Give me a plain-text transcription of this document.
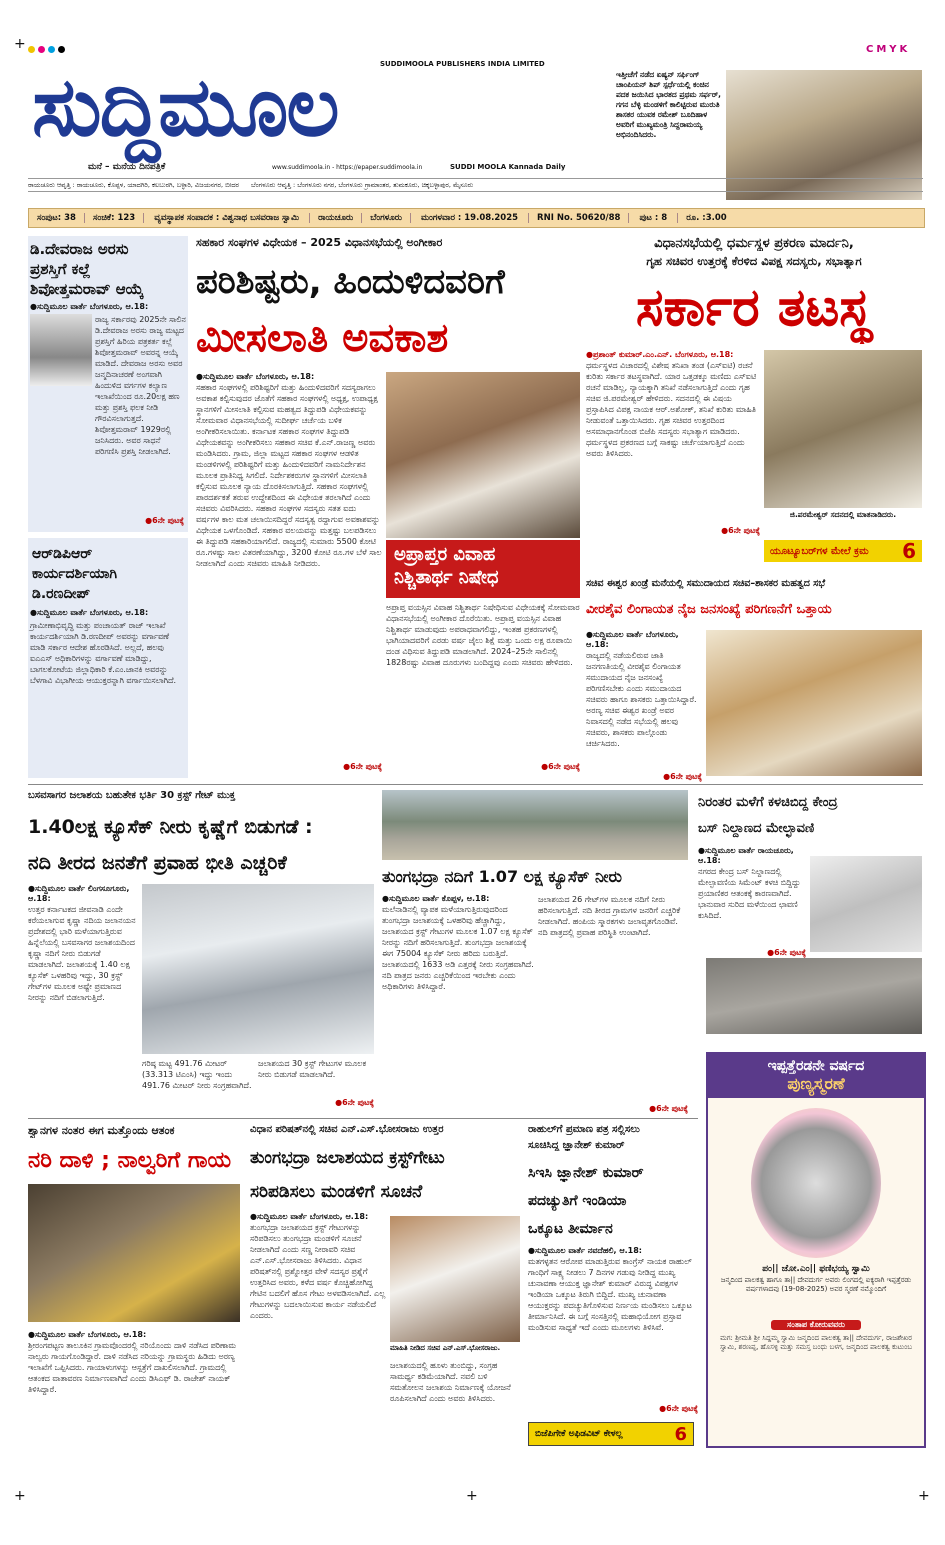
CMYK
+
+	+
+
ಸುದ್ದಿಮೂಲ	SUDDIMOOLA PUBLISHERS INDIA LIMITED
ಮನೆ – ಮನೆಯ ದಿನಪತ್ರಿಕೆ	www.suddimoola.in - https://epaper.suddimoola.in	SUDDI MOOLA Kannada Daily
ಇತ್ತೀಚೆಗೆ ನಡೆದ ಏಷ್ಯನ್ ಸರ್ಫಿಂಗ್ ಚಾಂಪಿಯನ್ ಶಿಪ್ ಸ್ಪರ್ಧೆಯಲ್ಲಿ ಕಂಚಿನ ಪದಕ ಜಯಿಸಿದ ಭಾರತದ ಪ್ರಥಮ ಸರ್ಫರ್, ಗಗನ ಬೆಳ್ಳಿ ಮಂಡಳಿಗೆ ಕಾಲಿಟ್ಟಿರುವ ಮುರುತಿ ಶಾಸಕರ ಯುವಕ ರಮೇಶ್ ಬೂದಿಹಾಳ ಅವರಿಗೆ ಮುಖ್ಯಮಂತ್ರಿ ಸಿದ್ದರಾಮಯ್ಯ ಅಭಿನಂದಿಸಿದರು.
ರಾಯಚೂರು ಆವೃತ್ತಿ : ರಾಯಚೂರು, ಕೊಪ್ಪಳ, ಯಾದಗಿರಿ, ಕಲಬುರಗಿ, ಬಳ್ಳಾರಿ, ವಿಜಯನಗರ, ಬೀದರ ಬೆಂಗಳೂರು ಆವೃತ್ತಿ : ಬೆಂಗಳೂರು ನಗರ, ಬೆಂಗಳೂರು ಗ್ರಾಮಾಂತರ, ತುಮಕೂರು, ಚಿಕ್ಕಬಳ್ಳಾಪುರ, ಮೈಸೂರು
ಸಂಪುಟ: 38	ಸಂಚಿಕೆ: 123	ವ್ಯವಸ್ಥಾಪಕ ಸಂಪಾದಕ : ವಿಶ್ವನಾಥ ಬಸವರಾಜ ಸ್ವಾಮಿ	ರಾಯಚೂರು	ಬೆಂಗಳೂರು	ಮಂಗಳವಾರ : 19.08.2025	RNI No. 50620/88	ಪುಟ : 8	ರೂ. :3.00
ಡಿ.ದೇವರಾಜ ಅರಸು
ಪ್ರಶಸ್ತಿಗೆ ಕಲ್ಲೆ
ಶಿವೋತ್ತಮರಾವ್ ಆಯ್ಕೆ
●ಸುದ್ದಿಮೂಲ ವಾರ್ತೆ ಬೆಂಗಳೂರು, ಆ.18:
ರಾಜ್ಯ ಸರ್ಕಾರವು 2025ನೇ ಸಾಲಿನ ಡಿ.ದೇವರಾಜ ಅರಸು ರಾಜ್ಯ ಮಟ್ಟದ ಪ್ರಶಸ್ತಿಗೆ ಹಿರಿಯ ಪತ್ರಕರ್ತ ಕಲ್ಲೆ ಶಿವೋತ್ತಮರಾವ್ ಅವರನ್ನ ಆಯ್ಕೆ ಮಾಡಿದೆ. ದೇವರಾಜ ಅರಸು ಅವರ ಜನ್ಮದಿನಾಚರಣೆ ಅಂಗವಾಗಿ ಹಿಂದುಳಿದ ವರ್ಗಗಳ ಕಲ್ಯಾಣ ಇಲಾಖೆಯಿಂದ ರೂ.20ಲಕ್ಷ ಹಣ ಮತ್ತು ಪ್ರಶಸ್ತಿ ಫಲಕ ನೀಡಿ ಗೌರವಿಸಲಾಗುತ್ತದೆ. ಶಿವೋತ್ತಮರಾವ್ 1929ರಲ್ಲಿ ಜನಿಸಿದರು. ಅವರ ಸಾಧನೆ ಪರಿಗಣಿಸಿ ಪ್ರಶಸ್ತಿ ನೀಡಲಾಗಿದೆ.
●6ನೇ ಪುಟಕ್ಕೆ
ಆರ್‌ಡಿಪಿಆರ್
ಕಾರ್ಯದರ್ಶಿಯಾಗಿ
ಡಿ.ರಣದೀಪ್
●ಸುದ್ದಿಮೂಲ ವಾರ್ತೆ ಬೆಂಗಳೂರು, ಆ.18:
ಗ್ರಾಮೀಣಾಭಿವೃದ್ಧಿ ಮತ್ತು ಪಂಚಾಯತ್ ರಾಜ್ ಇಲಾಖೆ ಕಾರ್ಯದರ್ಶಿಯಾಗಿ ಡಿ.ರಣದೀಪ್ ಅವರನ್ನು ವರ್ಗಾವಣೆ ಮಾಡಿ ಸರ್ಕಾರ ಆದೇಶ ಹೊರಡಿಸಿದೆ. ಅಲ್ಲದೆ, ಹಲವು ಐಎಎಸ್ ಅಧಿಕಾರಿಗಳನ್ನು ವರ್ಗಾವಣೆ ಮಾಡಿದ್ದು, ಬಾಗಲಕೋಟೆಯ ಜಿಲ್ಲಾಧಿಕಾರಿ ಕೆ.ಎಂ.ಜಾನಕಿ ಅವರನ್ನು ಬೆಳಗಾವಿ ವಿಭಾಗೀಯ ಆಯುಕ್ತರನ್ನಾಗಿ ವರ್ಗಾಯಿಸಲಾಗಿದೆ.
ಸಹಕಾರ ಸಂಘಗಳ ವಿಧೇಯಕ – 2025 ವಿಧಾನಸಭೆಯಲ್ಲಿ ಅಂಗೀಕಾರ
ಪರಿಶಿಷ್ಟರು, ಹಿಂದುಳಿದವರಿಗೆ
ಮೀಸಲಾತಿ ಅವಕಾಶ
●ಸುದ್ದಿಮೂಲ ವಾರ್ತೆ ಬೆಂಗಳೂರು, ಆ.18:
ಸಹಕಾರ ಸಂಘಗಳಲ್ಲಿ ಪರಿಶಿಷ್ಟರಿಗೆ ಮತ್ತು ಹಿಂದುಳಿದವರಿಗೆ ಸದಸ್ಯರಾಗಲು ಅವಕಾಶ ಕಲ್ಪಿಸುವುದರ ಜೊತೆಗೆ ಸಹಕಾರ ಸಂಘಗಳಲ್ಲಿ ಅಧ್ಯಕ್ಷ, ಉಪಾಧ್ಯಕ್ಷ ಸ್ಥಾನಗಳಿಗೆ ಮೀಸಲಾತಿ ಕಲ್ಪಿಸುವ ಮಹತ್ವದ ತಿದ್ದುಪಡಿ ವಿಧೇಯಕವನ್ನು ಸೋಮವಾರ ವಿಧಾನಸಭೆಯಲ್ಲಿ ಸುದೀರ್ಘ ಚರ್ಚೆಯ ಬಳಿಕ ಅಂಗೀಕರಿಸಲಾಯಿತು. ಕರ್ನಾಟಕ ಸಹಕಾರ ಸಂಘಗಳ ತಿದ್ದುಪಡಿ ವಿಧೇಯಕವನ್ನು ಅಂಗೀಕರಿಸಲು ಸಹಕಾರ ಸಚಿವ ಕೆ.ಎನ್.ರಾಜಣ್ಣ ಅವರು ಮಂಡಿಸಿದರು. ಗ್ರಾಮ, ಜಿಲ್ಲಾ ಮಟ್ಟದ ಸಹಕಾರ ಸಂಘಗಳ ಆಡಳಿತ ಮಂಡಳಿಗಳಲ್ಲಿ ಪರಿಶಿಷ್ಟರಿಗೆ ಮತ್ತು ಹಿಂದುಳಿದವರಿಗೆ ನಾಮನಿರ್ದೇಶನ ಮೂಲಕ ಪ್ರಾತಿನಿಧ್ಯ ಸಿಗಲಿದೆ. ನಿರ್ದೇಶಕರುಗಳ ಸ್ಥಾನಗಳಿಗೆ ಮೀಸಲಾತಿ ಕಲ್ಪಿಸುವ ಮೂಲಕ ನ್ಯಾಯ ದೊರಕಿಸಲಾಗುತ್ತಿದೆ. ಸಹಕಾರ ಸಂಘಗಳಲ್ಲಿ ಪಾರದರ್ಶಕತೆ ತರುವ ಉದ್ದೇಶದಿಂದ ಈ ವಿಧೇಯಕ ತರಲಾಗಿದೆ ಎಂದು ಸಚಿವರು ವಿವರಿಸಿದರು. ಸಹಕಾರ ಸಂಘಗಳ ಸದಸ್ಯರು ಸತತ ಐದು ವರ್ಷಗಳ ಕಾಲ ಮತ ಚಲಾಯಿಸದಿದ್ದರೆ ಸದಸ್ಯತ್ವ ರದ್ದಾಗುವ ಅವಕಾಶವನ್ನು ವಿಧೇಯಕ ಒಳಗೊಂಡಿದೆ. ಸಹಕಾರ ವಲಯವನ್ನು ಮತ್ತಷ್ಟು ಬಲಪಡಿಸಲು ಈ ತಿದ್ದುಪಡಿ ಸಹಕಾರಿಯಾಗಲಿದೆ. ರಾಜ್ಯದಲ್ಲಿ ಸುಮಾರು 5500 ಕೋಟಿ ರೂ.ಗಳಷ್ಟು ಸಾಲ ವಿತರಣೆಯಾಗಿದ್ದು, 3200 ಕೋಟಿ ರೂ.ಗಳ ಬೆಳೆ ಸಾಲ ನೀಡಲಾಗಿದೆ ಎಂದು ಸಚಿವರು ಮಾಹಿತಿ ನೀಡಿದರು.
●6ನೇ ಪುಟಕ್ಕೆ
ಅಪ್ರಾಪ್ತರ ವಿವಾಹ
ನಿಶ್ಚಿತಾರ್ಥ ನಿಷೇಧ
ಅಪ್ರಾಪ್ತ ವಯಸ್ಸಿನ ವಿವಾಹ ನಿಶ್ಚಿತಾರ್ಥ ನಿಷೇಧಿಸುವ ವಿಧೇಯಕಕ್ಕೆ ಸೋಮವಾರ ವಿಧಾನಸಭೆಯಲ್ಲಿ ಅಂಗೀಕಾರ ದೊರೆಯಿತು. ಅಪ್ರಾಪ್ತ ವಯಸ್ಸಿನ ವಿವಾಹ ನಿಶ್ಚಿತಾರ್ಥ ಮಾಡುವುದು ಅಪರಾಧವಾಗಲಿದ್ದು, ಇಂತಹ ಪ್ರಕರಣಗಳಲ್ಲಿ ಭಾಗಿಯಾದವರಿಗೆ ಎರಡು ವರ್ಷ ಜೈಲು ಶಿಕ್ಷೆ ಮತ್ತು ಒಂದು ಲಕ್ಷ ರೂಪಾಯಿ ದಂಡ ವಿಧಿಸುವ ತಿದ್ದುಪಡಿ ಮಾಡಲಾಗಿದೆ. 2024–25ನೇ ಸಾಲಿನಲ್ಲಿ 1828ರಷ್ಟು ವಿವಾಹ ದೂರುಗಳು ಬಂದಿದ್ದವು ಎಂದು ಸಚಿವರು ಹೇಳಿದರು.
●6ನೇ ಪುಟಕ್ಕೆ
ವಿಧಾನಸಭೆಯಲ್ಲಿ ಧರ್ಮಸ್ಥಳ ಪ್ರಕರಣ ಮಾರ್ದನಿ,
ಗೃಹ ಸಚಿವರ ಉತ್ತರಕ್ಕೆ ಕೆರಳಿದ ವಿಪಕ್ಷ ಸದಸ್ಯರು, ಸಭಾತ್ಯಾಗ
ಸರ್ಕಾರ ತಟಸ್ಥ
●ಪ್ರಶಾಂತ್ ಕುಮಾರ್.ಎಂ.ಎನ್. ಬೆಂಗಳೂರು, ಆ.18:
ಧರ್ಮಸ್ಥಳದ ವಿಚಾರದಲ್ಲಿ ವಿಶೇಷ ತನಿಖಾ ತಂಡ (ಎಸ್‌ಐಟಿ) ರಚನೆ ಕುರಿತು ಸರ್ಕಾರ ತಟಸ್ಥವಾಗಿದೆ. ಯಾರ ಒತ್ತಡಕ್ಕೂ ಮಣಿದು ಎಸ್‌ಐಟಿ ರಚನೆ ಮಾಡಿಲ್ಲ, ನ್ಯಾಯಕ್ಕಾಗಿ ತನಿಖೆ ನಡೆಸಲಾಗುತ್ತಿದೆ ಎಂದು ಗೃಹ ಸಚಿವ ಜಿ.ಪರಮೇಶ್ವರ್ ಹೇಳಿದರು. ಸದನದಲ್ಲಿ ಈ ವಿಷಯ ಪ್ರಸ್ತಾಪಿಸಿದ ವಿಪಕ್ಷ ನಾಯಕ ಆರ್.ಅಶೋಕ್, ತನಿಖೆ ಕುರಿತು ಮಾಹಿತಿ ನೀಡುವಂತೆ ಒತ್ತಾಯಿಸಿದರು. ಗೃಹ ಸಚಿವರ ಉತ್ತರದಿಂದ ಅಸಮಾಧಾನಗೊಂಡ ಬಿಜೆಪಿ ಸದಸ್ಯರು ಸಭಾತ್ಯಾಗ ಮಾಡಿದರು. ಧರ್ಮಸ್ಥಳದ ಪ್ರಕರಣದ ಬಗ್ಗೆ ಸಾಕಷ್ಟು ಚರ್ಚೆಯಾಗುತ್ತಿದೆ ಎಂದು ಅವರು ತಿಳಿಸಿದರು.
ಜಿ.ಪರಮೇಶ್ವರ್ ಸದನದಲ್ಲಿ ಮಾತನಾಡಿದರು.
●6ನೇ ಪುಟಕ್ಕೆ
ಯೂಟ್ಯೂಬರ್‌ಗಳ ಮೇಲೆ ಕ್ರಮ 6
ಸಚಿವ ಈಶ್ವರ ಖಂಡ್ರೆ ಮನೆಯಲ್ಲಿ ಸಮುದಾಯದ ಸಚಿವ–ಶಾಸಕರ ಮಹತ್ವದ ಸಭೆ
ವೀರಶೈವ ಲಿಂಗಾಯತ ನೈಜ ಜನಸಂಖ್ಯೆ ಪರಿಗಣನೆಗೆ ಒತ್ತಾಯ
●ಸುದ್ದಿಮೂಲ ವಾರ್ತೆ ಬೆಂಗಳೂರು, ಆ.18:
ರಾಜ್ಯದಲ್ಲಿ ನಡೆಯಲಿರುವ ಜಾತಿ ಜನಗಣತಿಯಲ್ಲಿ ವೀರಶೈವ ಲಿಂಗಾಯತ ಸಮುದಾಯದ ನೈಜ ಜನಸಂಖ್ಯೆ ಪರಿಗಣಿಸಬೇಕು ಎಂದು ಸಮುದಾಯದ ಸಚಿವರು ಹಾಗೂ ಶಾಸಕರು ಒತ್ತಾಯಿಸಿದ್ದಾರೆ. ಅರಣ್ಯ ಸಚಿವ ಈಶ್ವರ ಖಂಡ್ರೆ ಅವರ ನಿವಾಸದಲ್ಲಿ ನಡೆದ ಸಭೆಯಲ್ಲಿ ಹಲವು ಸಚಿವರು, ಶಾಸಕರು ಪಾಲ್ಗೊಂಡು ಚರ್ಚಿಸಿದರು.
●6ನೇ ಪುಟಕ್ಕೆ
ಬಸವಸಾಗರ ಜಲಾಶಯ ಬಹುತೇಕ ಭರ್ತಿ 30 ಕ್ರಸ್ಟ್ ಗೇಟ್ ಮುಕ್ತ
1.40ಲಕ್ಷ ಕ್ಯೂಸೆಕ್ ನೀರು ಕೃಷ್ಣೆಗೆ ಬಿಡುಗಡೆ :
ನದಿ ತೀರದ ಜನತೆಗೆ ಪ್ರವಾಹ ಭೀತಿ ಎಚ್ಚರಿಕೆ
●ಸುದ್ದಿಮೂಲ ವಾರ್ತೆ ಲಿಂಗಸೂಗೂರು, ಆ.18:
ಉತ್ತರ ಕರ್ನಾಟಕದ ಜೀವನಾಡಿ ಎಂದೇ ಕರೆಯಲಾಗುವ ಕೃಷ್ಣಾ ನದಿಯ ಜಲಾನಯನ ಪ್ರದೇಶದಲ್ಲಿ ಭಾರಿ ಮಳೆಯಾಗುತ್ತಿರುವ ಹಿನ್ನೆಲೆಯಲ್ಲಿ ಬಸವಸಾಗರ ಜಲಾಶಯದಿಂದ ಕೃಷ್ಣಾ ನದಿಗೆ ನೀರು ಬಿಡುಗಡೆ ಮಾಡಲಾಗಿದೆ. ಜಲಾಶಯಕ್ಕೆ 1.40 ಲಕ್ಷ ಕ್ಯೂಸೆಕ್ ಒಳಹರಿವು ಇದ್ದು, 30 ಕ್ರಸ್ಟ್ ಗೇಟ್‌ಗಳ ಮೂಲಕ ಅಷ್ಟೇ ಪ್ರಮಾಣದ ನೀರನ್ನು ನದಿಗೆ ಬಿಡಲಾಗುತ್ತಿದೆ.
ಗರಿಷ್ಠ ಮಟ್ಟ 491.76 ಮೀಟರ್ (33.313 ಟಿಎಂಸಿ) ಇದ್ದು ಇಂದು 491.76 ಮೀಟರ್ ನೀರು ಸಂಗ್ರಹವಾಗಿದೆ.
ಜಲಾಶಯದ 30 ಕ್ರಸ್ಟ್ ಗೇಟುಗಳ ಮೂಲಕ ನೀರು ಬಿಡುಗಡೆ ಮಾಡಲಾಗಿದೆ.
●6ನೇ ಪುಟಕ್ಕೆ
ತುಂಗಭದ್ರಾ ನದಿಗೆ 1.07 ಲಕ್ಷ ಕ್ಯೂಸೆಕ್ ನೀರು
●ಸುದ್ದಿಮೂಲ ವಾರ್ತೆ ಕೊಪ್ಪಳ, ಆ.18:
ಮಲೆನಾಡಿನಲ್ಲಿ ವ್ಯಾಪಕ ಮಳೆಯಾಗುತ್ತಿರುವುದರಿಂದ ತುಂಗಭದ್ರಾ ಜಲಾಶಯಕ್ಕೆ ಒಳಹರಿವು ಹೆಚ್ಚಾಗಿದ್ದು, ಜಲಾಶಯದ ಕ್ರಸ್ಟ್ ಗೇಟುಗಳ ಮೂಲಕ 1.07 ಲಕ್ಷ ಕ್ಯೂಸೆಕ್ ನೀರನ್ನು ನದಿಗೆ ಹರಿಸಲಾಗುತ್ತಿದೆ. ತುಂಗಭದ್ರಾ ಜಲಾಶಯಕ್ಕೆ ಈಗ 75004 ಕ್ಯೂಸೆಕ್ ನೀರು ಹರಿದು ಬರುತ್ತಿದೆ. ಜಲಾಶಯದಲ್ಲಿ 1633 ಅಡಿ ಎತ್ತರಕ್ಕೆ ನೀರು ಸಂಗ್ರಹವಾಗಿದೆ. ನದಿ ಪಾತ್ರದ ಜನರು ಎಚ್ಚರಿಕೆಯಿಂದ ಇರಬೇಕು ಎಂದು ಅಧಿಕಾರಿಗಳು ತಿಳಿಸಿದ್ದಾರೆ.
ಜಲಾಶಯದ 26 ಗೇಟ್‌ಗಳ ಮೂಲಕ ನದಿಗೆ ನೀರು ಹರಿಸಲಾಗುತ್ತಿದೆ. ನದಿ ತೀರದ ಗ್ರಾಮಗಳ ಜನರಿಗೆ ಎಚ್ಚರಿಕೆ ನೀಡಲಾಗಿದೆ. ಹಂಪಿಯ ಸ್ಮಾರಕಗಳು ಜಲಾವೃತಗೊಂಡಿವೆ. ನದಿ ಪಾತ್ರದಲ್ಲಿ ಪ್ರವಾಹ ಪರಿಸ್ಥಿತಿ ಉಂಟಾಗಿದೆ.
●6ನೇ ಪುಟಕ್ಕೆ
ನಿರಂತರ ಮಳೆಗೆ ಕಳಚಿಬಿದ್ದ ಕೇಂದ್ರ
ಬಸ್ ನಿಲ್ದಾಣದ ಮೇಲ್ಛಾವಣಿ
●ಸುದ್ದಿಮೂಲ ವಾರ್ತೆ ರಾಯಚೂರು, ಆ.18:
ನಗರದ ಕೇಂದ್ರ ಬಸ್ ನಿಲ್ದಾಣದಲ್ಲಿ ಮೇಲ್ಛಾವಣಿಯ ಸಿಮೆಂಟ್ ಕಳಚಿ ಬಿದ್ದಿದ್ದು ಪ್ರಯಾಣಿಕರ ಆತಂಕಕ್ಕೆ ಕಾರಣವಾಗಿದೆ. ಭಾನುವಾರ ಸುರಿದ ಮಳೆಯಿಂದ ಛಾವಣಿ ಕುಸಿದಿದೆ.
●6ನೇ ಪುಟಕ್ಕೆ
ಇಪ್ಪತ್ತೆರಡನೇ ವರ್ಷದ
ಪುಣ್ಯಸ್ಮರಣೆ
ಪಂ|| ಜೋ.ಎಂ|| ಫಣಿಭಯ್ಯ ಸ್ವಾಮಿ
ಜನ್ಮದಿಂದ ಪಾಲಕತ್ವ ಹಾಗೂ ತಾ|| ದೇವದುರ್ಗ ಅವರು ಲಿಂಗದಲ್ಲಿ ಐಕ್ಯರಾಗಿ ಇಪ್ಪತ್ತೆರಡು ವರ್ಷಗಳಾದವು (19-08-2025) ಅವರ ಸ್ಮರಣೆ ನಮ್ಮೊಂದಿಗೆ
ಸಂತಾಪ ಕೋರುವವರು
ಮಗ: ಶ್ರೀಮತಿ ಶ್ರೀ ಸಿದ್ದಮ್ಮ ಸ್ವಾಮಿ ಜನ್ಮದಿಂದ ಪಾಲಕತ್ವ ತಾ|| ದೇವದುರ್ಗ, ರಾಜಶೇಖರ ಸ್ವಾಮಿ, ಶರಣಪ್ಪ, ಹೊಸಳ್ಳಿ ಮತ್ತು ಸಮಸ್ತ ಬಂಧು ಬಳಗ, ಜನ್ಮದಿಂದ ಪಾಲಕತ್ವ ಕುಟುಂಬ
ಶ್ವಾನಗಳ ನಂತರ ಈಗ ಮತ್ತೊಂದು ಆತಂಕ
ನರಿ ದಾಳಿ ; ನಾಲ್ವರಿಗೆ ಗಾಯ
●ಸುದ್ದಿಮೂಲ ವಾರ್ತೆ ಬೆಂಗಳೂರು, ಆ.18:
ಶ್ರೀರಂಗಪಟ್ಟಣ ತಾಲೂಕಿನ ಗ್ರಾಮವೊಂದರಲ್ಲಿ ನರಿಯೊಂದು ದಾಳಿ ನಡೆಸಿದ ಪರಿಣಾಮ ನಾಲ್ವರು ಗಾಯಗೊಂಡಿದ್ದಾರೆ. ದಾಳಿ ನಡೆಸಿದ ನರಿಯನ್ನು ಗ್ರಾಮಸ್ಥರು ಹಿಡಿದು ಅರಣ್ಯ ಇಲಾಖೆಗೆ ಒಪ್ಪಿಸಿದರು. ಗಾಯಾಳುಗಳನ್ನು ಆಸ್ಪತ್ರೆಗೆ ದಾಖಲಿಸಲಾಗಿದೆ. ಗ್ರಾಮದಲ್ಲಿ ಆತಂಕದ ವಾತಾವರಣ ನಿರ್ಮಾಣವಾಗಿದೆ ಎಂದು ಡಿಸಿಎಫ್ ಡಿ. ರಾಜೇಶ್ ನಾಯಕ್ ತಿಳಿಸಿದ್ದಾರೆ.
ವಿಧಾನ ಪರಿಷತ್‌ನಲ್ಲಿ ಸಚಿವ ಎನ್.ಎಸ್.ಭೋಸರಾಜು ಉತ್ತರ
ತುಂಗಭದ್ರಾ ಜಲಾಶಯದ ಕ್ರಸ್ಟ್‌ಗೇಟು
ಸರಿಪಡಿಸಲು ಮಂಡಳಿಗೆ ಸೂಚನೆ
●ಸುದ್ದಿಮೂಲ ವಾರ್ತೆ ಬೆಂಗಳೂರು, ಆ.18:
ತುಂಗಭದ್ರಾ ಜಲಾಶಯದ ಕ್ರಸ್ಟ್ ಗೇಟುಗಳನ್ನು ಸರಿಪಡಿಸಲು ತುಂಗಭದ್ರಾ ಮಂಡಳಿಗೆ ಸೂಚನೆ ನೀಡಲಾಗಿದೆ ಎಂದು ಸಣ್ಣ ನೀರಾವರಿ ಸಚಿವ ಎನ್.ಎಸ್.ಭೋಸರಾಜು ತಿಳಿಸಿದರು. ವಿಧಾನ ಪರಿಷತ್‌ನಲ್ಲಿ ಪ್ರಶ್ನೋತ್ತರ ವೇಳೆ ಸದಸ್ಯರ ಪ್ರಶ್ನೆಗೆ ಉತ್ತರಿಸಿದ ಅವರು, ಕಳೆದ ವರ್ಷ ಕೊಚ್ಚಿಹೋಗಿದ್ದ ಗೇಟಿನ ಬದಲಿಗೆ ಹೊಸ ಗೇಟು ಅಳವಡಿಸಲಾಗಿದೆ. ಎಲ್ಲ ಗೇಟುಗಳನ್ನು ಬದಲಾಯಿಸುವ ಕಾರ್ಯ ನಡೆಯಲಿದೆ ಎಂದರು.
ಮಾಹಿತಿ ನೀಡಿದ ಸಚಿವ ಎನ್.ಎಸ್.ಭೋಸರಾಜು.
ಜಲಾಶಯದಲ್ಲಿ ಹೂಳು ತುಂಬಿದ್ದು, ಸಂಗ್ರಹ ಸಾಮರ್ಥ್ಯ ಕಡಿಮೆಯಾಗಿದೆ. ನವಲಿ ಬಳಿ ಸಮತೋಲನ ಜಲಾಶಯ ನಿರ್ಮಾಣಕ್ಕೆ ಯೋಜನೆ ರೂಪಿಸಲಾಗಿದೆ ಎಂದು ಅವರು ತಿಳಿಸಿದರು.
ರಾಹುಲ್‌ಗೆ ಪ್ರಮಾಣ ಪತ್ರ ಸಲ್ಲಿಸಲು
ಸೂಚಿಸಿದ್ದ ಜ್ಞಾನೇಶ್ ಕುಮಾರ್
ಸಿಇಸಿ ಜ್ಞಾನೇಶ್ ಕುಮಾರ್
ಪದಚ್ಯುತಿಗೆ ಇಂಡಿಯಾ
ಒಕ್ಕೂಟ ತೀರ್ಮಾನ
●ಸುದ್ದಿಮೂಲ ವಾರ್ತೆ ನವದೆಹಲಿ, ಆ.18:
ಮತಗಳ್ಳತನ ಆರೋಪ ಮಾಡುತ್ತಿರುವ ಕಾಂಗ್ರೆಸ್ ನಾಯಕ ರಾಹುಲ್ ಗಾಂಧಿಗೆ ಸಾಕ್ಷ್ಯ ನೀಡಲು 7 ದಿನಗಳ ಗಡುವು ನೀಡಿದ್ದ ಮುಖ್ಯ ಚುನಾವಣಾ ಆಯುಕ್ತ ಜ್ಞಾನೇಶ್ ಕುಮಾರ್ ವಿರುದ್ಧ ವಿಪಕ್ಷಗಳ ಇಂಡಿಯಾ ಒಕ್ಕೂಟ ತಿರುಗಿ ಬಿದ್ದಿದೆ. ಮುಖ್ಯ ಚುನಾವಣಾ ಆಯುಕ್ತರನ್ನು ಪದಚ್ಯುತಿಗೊಳಿಸುವ ನಿರ್ಣಯ ಮಂಡಿಸಲು ಒಕ್ಕೂಟ ತೀರ್ಮಾನಿಸಿದೆ. ಈ ಬಗ್ಗೆ ಸಂಸತ್ತಿನಲ್ಲಿ ಮಹಾಭಿಯೋಗ ಪ್ರಸ್ತಾವ ಮಂಡಿಸುವ ಸಾಧ್ಯತೆ ಇದೆ ಎಂದು ಮೂಲಗಳು ತಿಳಿಸಿವೆ.
●6ನೇ ಪುಟಕ್ಕೆ
ಬಿಜೆಪಿಗೇಕೆ ಅಫಿಡವಿಟ್ ಕೇಳಲ್ಲ	6
